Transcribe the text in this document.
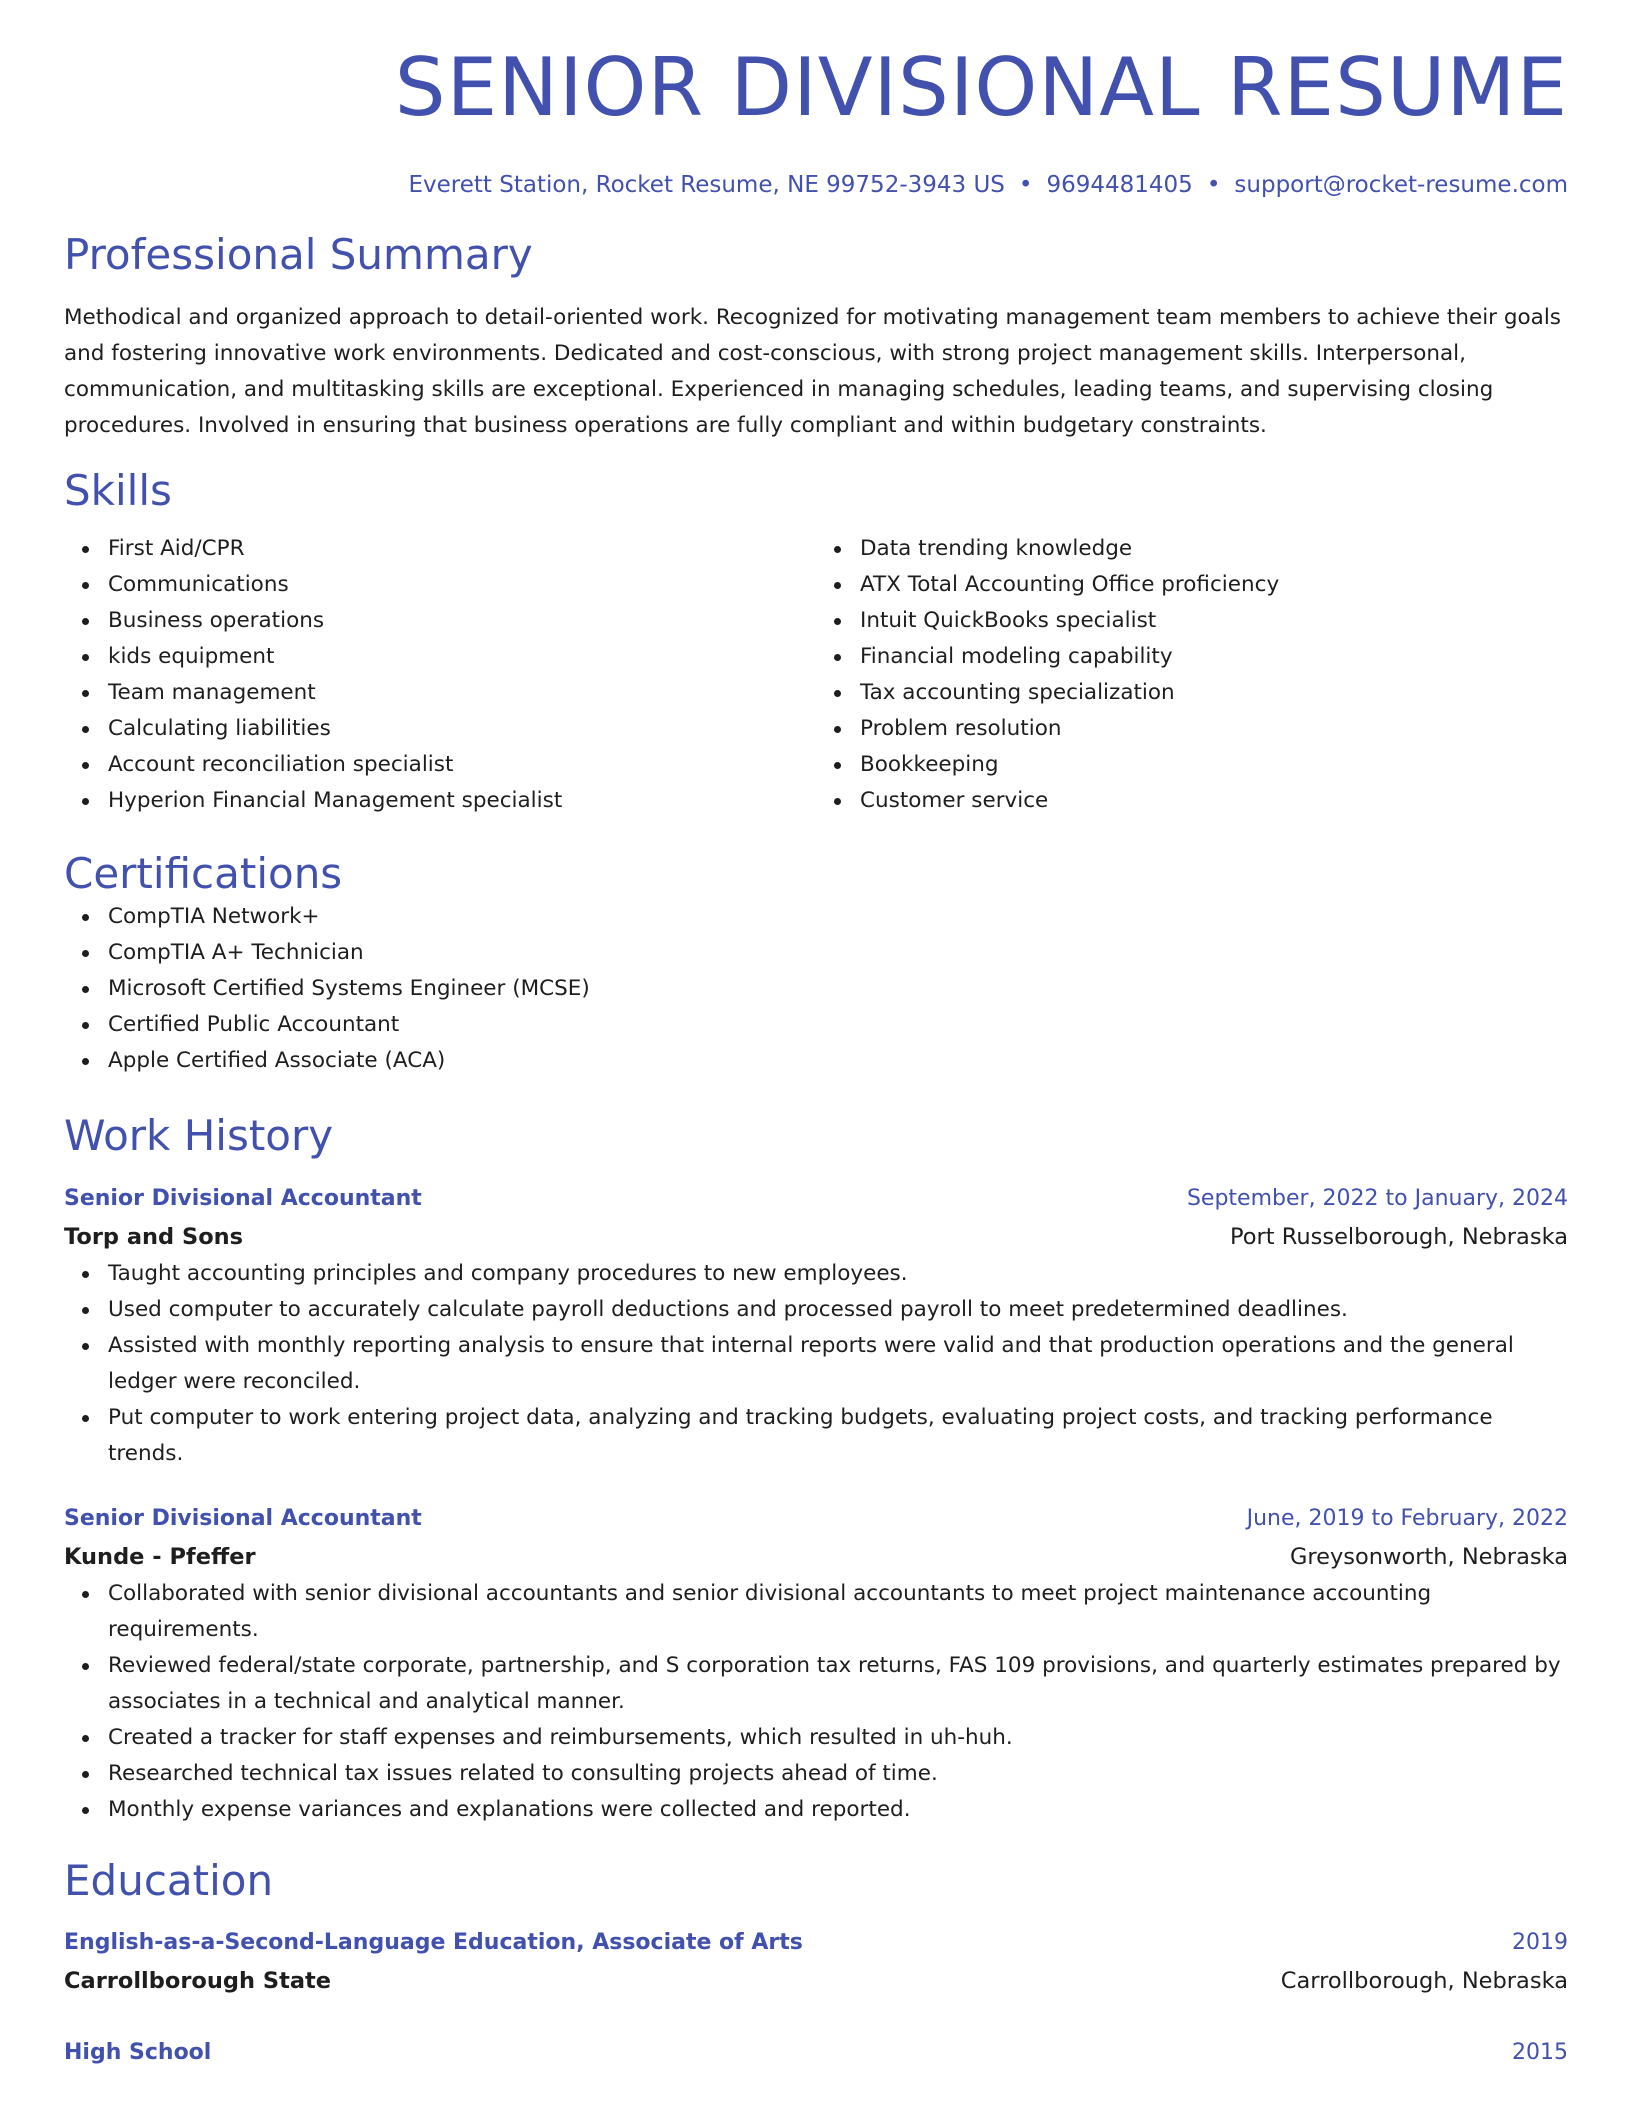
SENIOR DIVISIONAL RESUME
Everett Station, Rocket Resume, NE 99752-3943 US • 9694481405 • support@rocket-resume.com
Professional Summary
Methodical and organized approach to detail-oriented work. Recognized for motivating management team members to achieve their goals and fostering innovative work environments. Dedicated and cost-conscious, with strong project management skills. Interpersonal, communication, and multitasking skills are exceptional. Experienced in managing schedules, leading teams, and supervising closing procedures. Involved in ensuring that business operations are fully compliant and within budgetary constraints.
Skills
First Aid/CPR
Communications
Business operations
kids equipment
Team management
Calculating liabilities
Account reconciliation specialist
Hyperion Financial Management specialist
Data trending knowledge
ATX Total Accounting Office proficiency
Intuit QuickBooks specialist
Financial modeling capability
Tax accounting specialization
Problem resolution
Bookkeeping
Customer service
Certifications
CompTIA Network+
CompTIA A+ Technician
Microsoft Certified Systems Engineer (MCSE)
Certified Public Accountant
Apple Certified Associate (ACA)
Work History
Senior Divisional Accountant	September, 2022 to January, 2024
Torp and Sons	Port Russelborough, Nebraska
Taught accounting principles and company procedures to new employees.
Used computer to accurately calculate payroll deductions and processed payroll to meet predetermined deadlines.
Assisted with monthly reporting analysis to ensure that internal reports were valid and that production operations and the general ledger were reconciled.
Put computer to work entering project data, analyzing and tracking budgets, evaluating project costs, and tracking performance trends.
Senior Divisional Accountant	June, 2019 to February, 2022
Kunde - Pfeffer	Greysonworth, Nebraska
Collaborated with senior divisional accountants and senior divisional accountants to meet project maintenance accounting requirements.
Reviewed federal/state corporate, partnership, and S corporation tax returns, FAS 109 provisions, and quarterly estimates prepared by associates in a technical and analytical manner.
Created a tracker for staff expenses and reimbursements, which resulted in uh-huh.
Researched technical tax issues related to consulting projects ahead of time.
Monthly expense variances and explanations were collected and reported.
Education
English-as-a-Second-Language Education, Associate of Arts	2019
Carrollborough State	Carrollborough, Nebraska
High School	2015
